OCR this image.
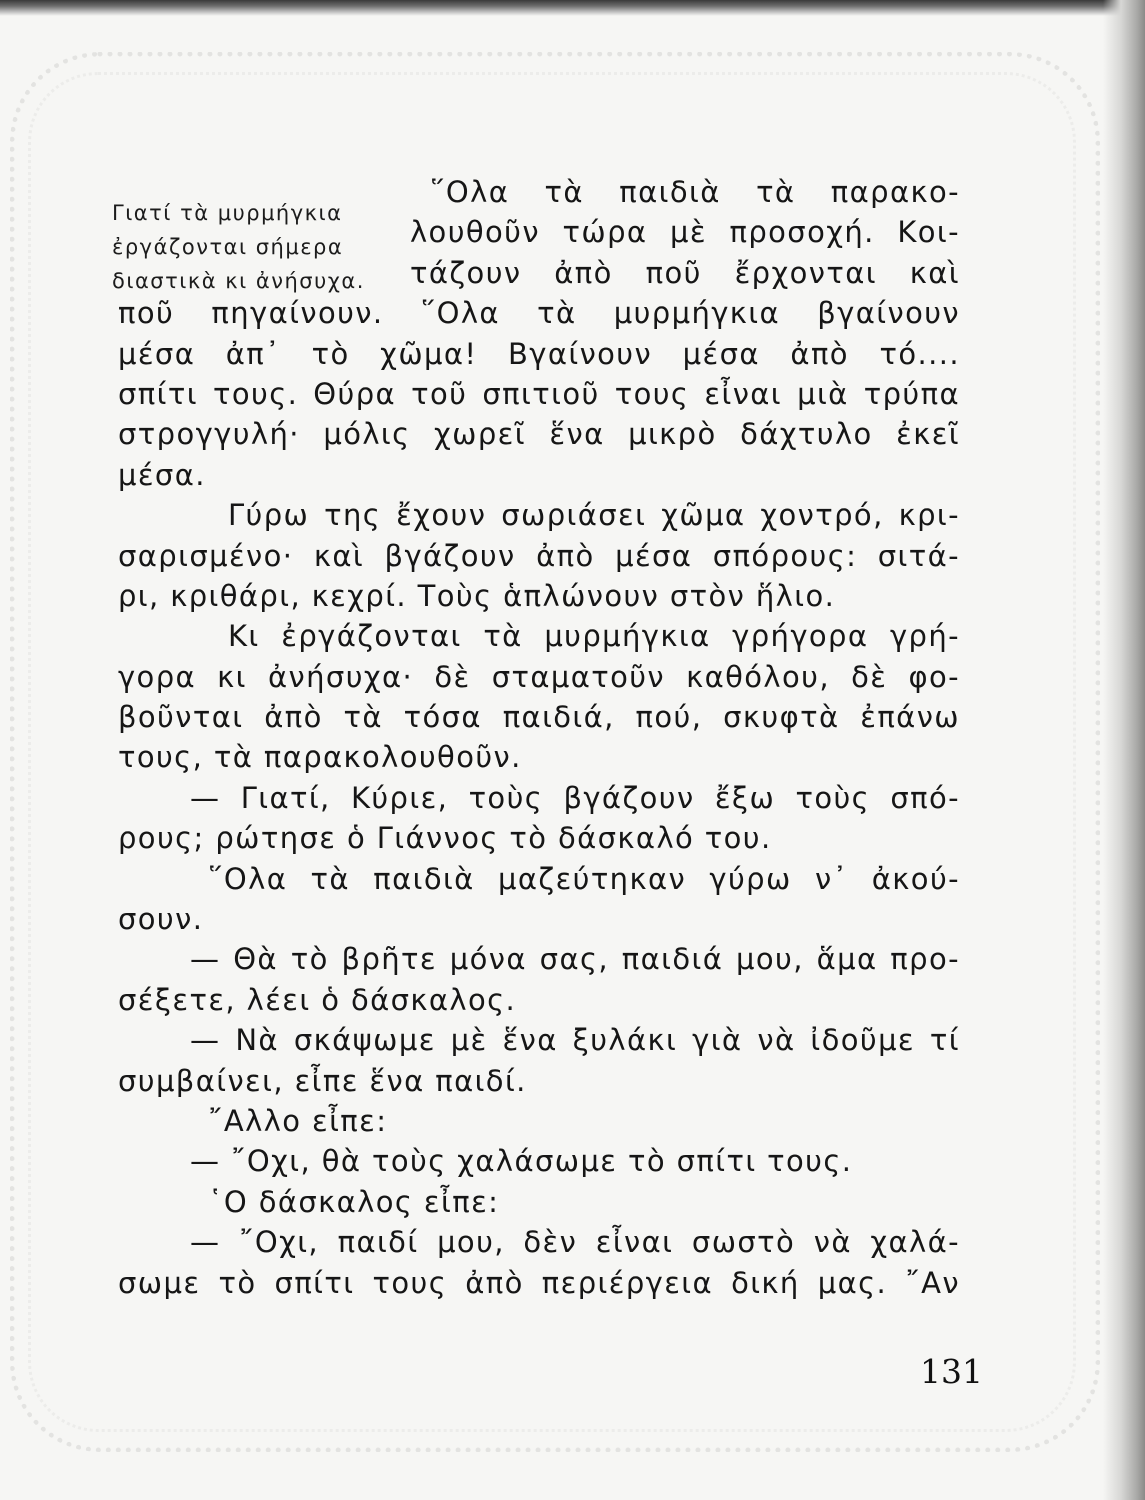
Γιατί τὰ μυρμήγκια
ἐργάζονται σήμερα
διαστικὰ κι ἀνήσυχα.
῞Ολα τὰ παιδιὰ τὰ παρακο-
λουθοῦν τώρα μὲ προσοχή. Κοι-
τάζουν ἀπὸ ποῦ ἔρχονται καὶ
ποῦ πηγαίνουν. ῞Ολα τὰ μυρμήγκια βγαίνουν
μέσα ἀπ᾿ τὸ χῶμα! Βγαίνουν μέσα ἀπὸ τό....
σπίτι τους. Θύρα τοῦ σπιτιοῦ τους εἶναι μιὰ τρύπα
στρογγυλή· μόλις χωρεῖ ἕνα μικρὸ δάχτυλο ἐκεῖ
μέσα.
Γύρω της ἔχουν σωριάσει χῶμα χοντρό, κρι-
σαρισμένο· καὶ βγάζουν ἀπὸ μέσα σπόρους: σιτά-
ρι, κριθάρι, κεχρί. Τοὺς ἁπλώνουν στὸν ἥλιο.
Κι ἐργάζονται τὰ μυρμήγκια γρήγορα γρή-
γορα κι ἀνήσυχα· δὲ σταματοῦν καθόλου, δὲ φο-
βοῦνται ἀπὸ τὰ τόσα παιδιά, πού, σκυφτὰ ἐπάνω
τους, τὰ παρακολουθοῦν.
— Γιατί, Κύριε, τοὺς βγάζουν ἔξω τοὺς σπό-
ρους; ρώτησε ὁ Γιάννος τὸ δάσκαλό του.
῞Ολα τὰ παιδιὰ μαζεύτηκαν γύρω ν᾿ ἀκού-
σουν.
— Θὰ τὸ βρῆτε μόνα σας, παιδιά μου, ἅμα προ-
σέξετε, λέει ὁ δάσκαλος.
— Νὰ σκάψωμε μὲ ἕνα ξυλάκι γιὰ νὰ ἰδοῦμε τί
συμβαίνει, εἶπε ἕνα παιδί.
῎Αλλο εἶπε:
— ῎Οχι, θὰ τοὺς χαλάσωμε τὸ σπίτι τους.
῾Ο δάσκαλος εἶπε:
— ῎Οχι, παιδί μου, δὲν εἶναι σωστὸ νὰ χαλά-
σωμε τὸ σπίτι τους ἀπὸ περιέργεια δική μας. ῎Αν
131
